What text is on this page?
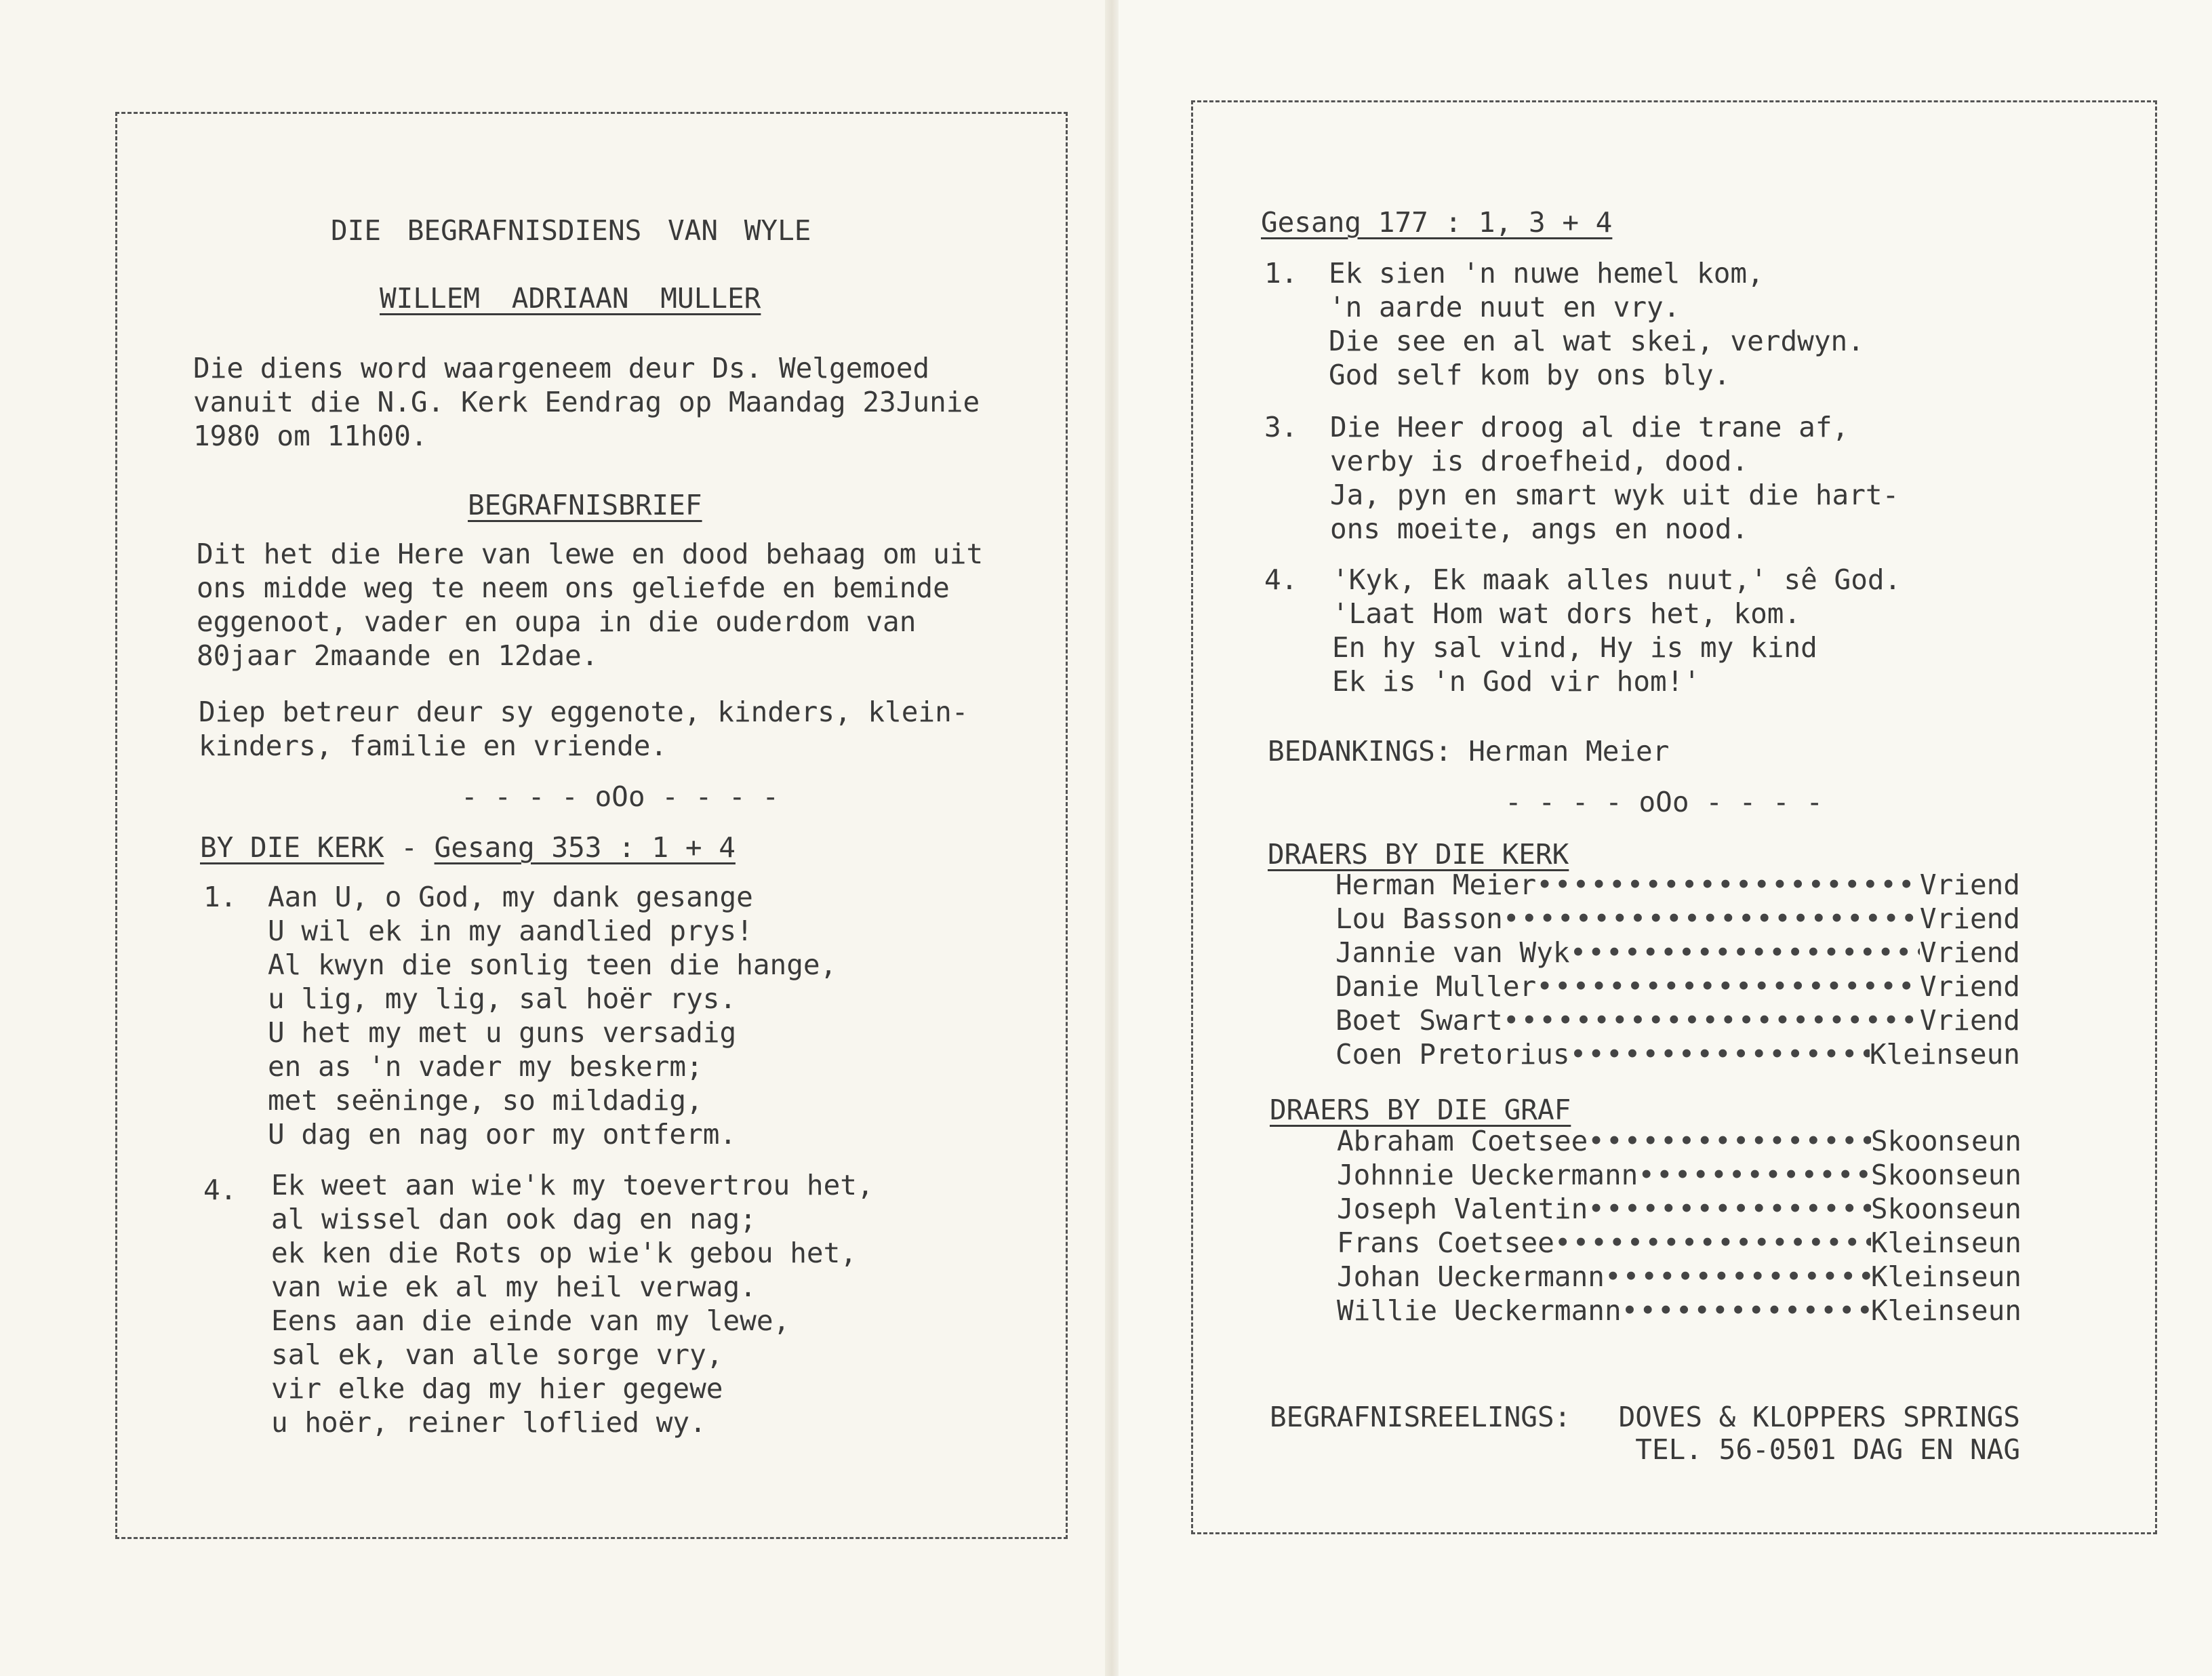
DIE BEGRAFNISDIENS VAN WYLE
WILLEM ADRIAAN MULLER
Die diens word waargeneem deur Ds. Welgemoed
vanuit die N.G. Kerk Eendrag op Maandag 23Junie
1980 om 11h00.
BEGRAFNISBRIEF
Dit het die Here van lewe en dood behaag om uit
ons midde weg te neem ons geliefde en beminde
eggenoot, vader en oupa in die ouderdom van
80jaar 2maande en 12dae.
Diep betreur deur sy eggenote, kinders, klein-
kinders, familie en vriende.
- - - - oOo - - - -
BY DIE KERK - Gesang 353 : 1 + 4
1. Aan U, o God, my dank gesange
U wil ek in my aandlied prys!
Al kwyn die sonlig teen die hange,
u lig, my lig, sal hoër rys.
U het my met u guns versadig
en as 'n vader my beskerm;
met seëninge, so mildadig,
U dag en nag oor my ontferm.
4. Ek weet aan wie'k my toevertrou het,
al wissel dan ook dag en nag;
ek ken die Rots op wie'k gebou het,
van wie ek al my heil verwag.
Eens aan die einde van my lewe,
sal ek, van alle sorge vry,
vir elke dag my hier gegewe
u hoër, reiner loflied wy.
Gesang 177 : 1, 3 + 4
1. Ek sien 'n nuwe hemel kom,
'n aarde nuut en vry.
Die see en al wat skei, verdwyn.
God self kom by ons bly.
3. Die Heer droog al die trane af,
verby is droefheid, dood.
Ja, pyn en smart wyk uit die hart-
ons moeite, angs en nood.
4. 'Kyk, Ek maak alles nuut,' sê God.
'Laat Hom wat dors het, kom.
En hy sal vind, Hy is my kind
Ek is 'n God vir hom!'
BEDANKINGS: Herman Meier
- - - - oOo - - - -
DRAERS BY DIE KERK
Herman Meier •••••	Vriend
Lou Basson •••••	Vriend
Jannie van Wyk •••••	Vriend
Danie Muller •••••	Vriend
Boet Swart •••••	Vriend
Coen Pretorius •••••	Kleinseun
DRAERS BY DIE GRAF
Abraham Coetsee •••••	Skoonseun
Johnnie Ueckermann •••••	Skoonseun
Joseph Valentin •••••	Skoonseun
Frans Coetsee •••••	Kleinseun
Johan Ueckermann •••••	Kleinseun
Willie Ueckermann •••••	Kleinseun
BEGRAFNISREELINGS:	DOVES & KLOPPERS SPRINGS
TEL. 56-0501 DAG EN NAG
